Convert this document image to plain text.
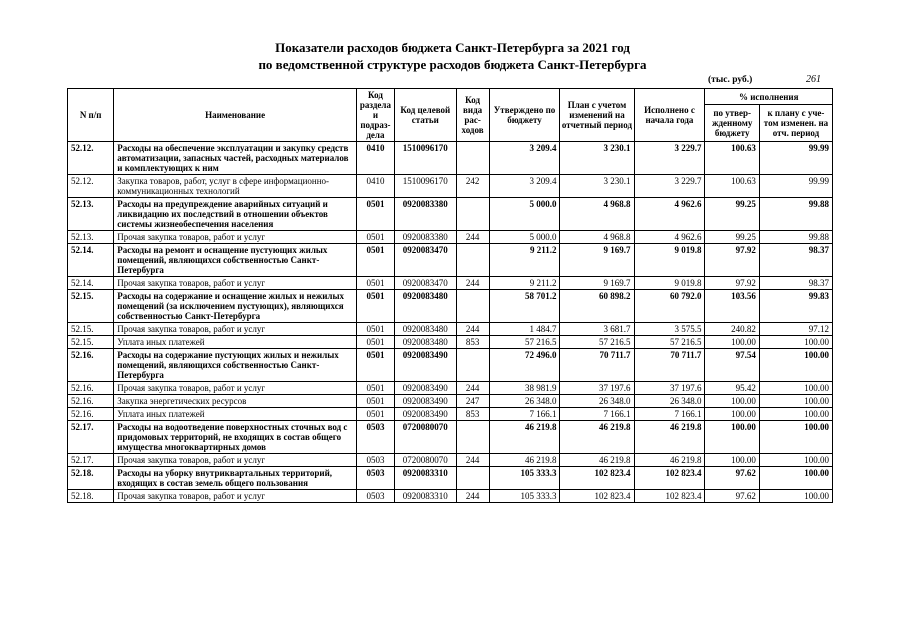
Показатели расходов бюджета Санкт-Петербурга за 2021 год
по ведомственной структуре расходов бюджета Санкт-Петербурга
(тыс. руб.)	261
N п/п	Наименование	Код раздела и подраз-дела	Код целевой статьи	Код вида рас-ходов	Утверждено по бюджету	План с учетом изменений на отчетный период	Исполнено с начала года	% исполнения	
								по утвер-жденному бюджету	к плану с уче-том изменен. на отч. период
52.12.	Расходы на обеспечение эксплуатации и закупку средств автоматизации, запасных частей, расходных материалов и комплектующих к ним	0410	1510096170		3 209.4	3 230.1	3 229.7	100.63	99.99
52.12.	Закупка товаров, работ, услуг в сфере информационно-коммуникационных технологий	0410	1510096170	242	3 209.4	3 230.1	3 229.7	100.63	99.99
52.13.	Расходы на предупреждение аварийных ситуаций и ликвидацию их последствий в отношении объектов системы жизнеобеспечения населения	0501	0920083380		5 000.0	4 968.8	4 962.6	99.25	99.88
52.13.	Прочая закупка товаров, работ и услуг	0501	0920083380	244	5 000.0	4 968.8	4 962.6	99.25	99.88
52.14.	Расходы на ремонт и оснащение пустующих жилых помещений, являющихся собственностью Санкт-Петербурга	0501	0920083470		9 211.2	9 169.7	9 019.8	97.92	98.37
52.14.	Прочая закупка товаров, работ и услуг	0501	0920083470	244	9 211.2	9 169.7	9 019.8	97.92	98.37
52.15.	Расходы на содержание и оснащение жилых и нежилых помещений (за исключением пустующих), являющихся собственностью Санкт-Петербурга	0501	0920083480		58 701.2	60 898.2	60 792.0	103.56	99.83
52.15.	Прочая закупка товаров, работ и услуг	0501	0920083480	244	1 484.7	3 681.7	3 575.5	240.82	97.12
52.15.	Уплата иных платежей	0501	0920083480	853	57 216.5	57 216.5	57 216.5	100.00	100.00
52.16.	Расходы на содержание пустующих жилых и нежилых помещений, являющихся собственностью Санкт-Петербурга	0501	0920083490		72 496.0	70 711.7	70 711.7	97.54	100.00
52.16.	Прочая закупка товаров, работ и услуг	0501	0920083490	244	38 981.9	37 197.6	37 197.6	95.42	100.00
52.16.	Закупка энергетических ресурсов	0501	0920083490	247	26 348.0	26 348.0	26 348.0	100.00	100.00
52.16.	Уплата иных платежей	0501	0920083490	853	7 166.1	7 166.1	7 166.1	100.00	100.00
52.17.	Расходы на водоотведение поверхностных сточных вод с придомовых территорий, не входящих в состав общего имущества многоквартирных домов	0503	0720080070		46 219.8	46 219.8	46 219.8	100.00	100.00
52.17.	Прочая закупка товаров, работ и услуг	0503	0720080070	244	46 219.8	46 219.8	46 219.8	100.00	100.00
52.18.	Расходы на уборку внутриквартальных территорий, входящих в состав земель общего пользования	0503	0920083310		105 333.3	102 823.4	102 823.4	97.62	100.00
52.18.	Прочая закупка товаров, работ и услуг	0503	0920083310	244	105 333.3	102 823.4	102 823.4	97.62	100.00
